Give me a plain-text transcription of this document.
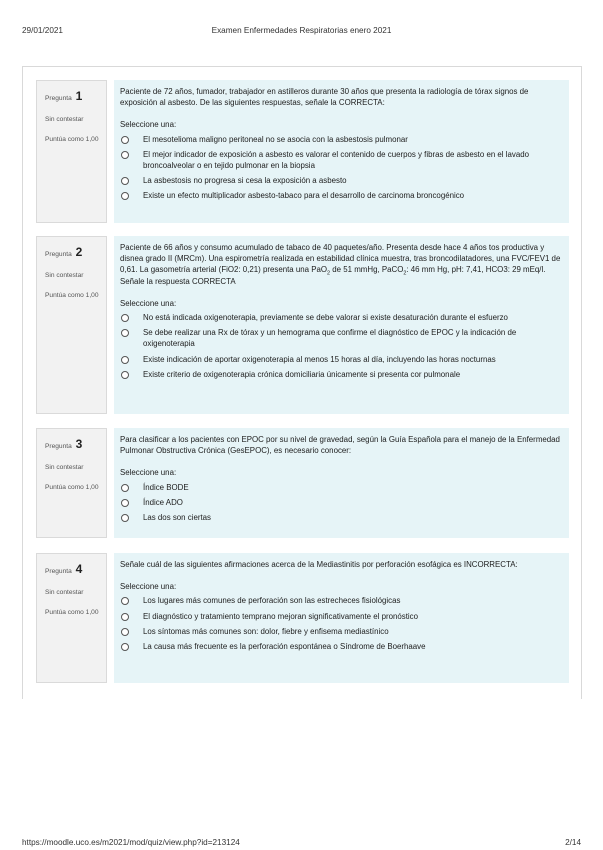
29/01/2021	Examen Enfermedades Respiratorias enero 2021
Pregunta 1
Sin contestar
Puntúa como 1,00

Paciente de 72 años, fumador, trabajador en astilleros durante 30 años que presenta la radiología de tórax signos de exposición al asbesto. De las siguientes respuestas, señale la CORRECTA:

Seleccione una:
El mesotelioma maligno peritoneal no se asocia con la asbestosis pulmonar
El mejor indicador de exposición a asbesto es valorar el contenido de cuerpos y fibras de asbesto en el lavado broncoalveolar o en tejido pulmonar en la biopsia
La asbestosis no progresa si cesa la exposición a asbesto
Existe un efecto multiplicador asbesto-tabaco para el desarrollo de carcinoma broncogénico
Pregunta 2
Sin contestar
Puntúa como 1,00

Paciente de 66 años y consumo acumulado de tabaco de 40 paquetes/año. Presenta desde hace 4 años tos productiva y disnea grado II (MRCm). Una espirometría realizada en estabilidad clínica muestra, tras broncodilatadores, una FVC/FEV1 de 0,61. La gasometría arterial (FiO2: 0,21) presenta una PaO$_2$ de 51 mmHg, PaCO$_2$: 46 mm Hg, pH: 7,41, HCO3: 29 mEq/l. Señale la respuesta CORRECTA

Seleccione una:
No está indicada oxigenoterapia, previamente se debe valorar si existe desaturación durante el esfuerzo
Se debe realizar una Rx de tórax y un hemograma que confirme el diagnóstico de EPOC y la indicación de oxigenoterapia
Existe indicación de aportar oxigenoterapia al menos 15 horas al día, incluyendo las horas nocturnas
Existe criterio de oxigenoterapia crónica domiciliaria únicamente si presenta cor pulmonale
Pregunta 3
Sin contestar
Puntúa como 1,00

Para clasificar a los pacientes con EPOC por su nivel de gravedad, según la Guía Española para el manejo de la Enfermedad Pulmonar Obstructiva Crónica (GesEPOC), es necesario conocer:

Seleccione una:
Índice BODE
Índice ADO
Las dos son ciertas
Pregunta 4
Sin contestar
Puntúa como 1,00

Señale cuál de las siguientes afirmaciones acerca de la Mediastinitis por perforación esofágica es INCORRECTA:

Seleccione una:
Los lugares más comunes de perforación son las estrecheces fisiológicas
El diagnóstico y tratamiento temprano mejoran significativamente el pronóstico
Los síntomas más comunes son: dolor, fiebre y enfisema mediastínico
La causa más frecuente es la perforación espontánea o Síndrome de Boerhaave
https://moodle.uco.es/m2021/mod/quiz/view.php?id=213124	2/14
